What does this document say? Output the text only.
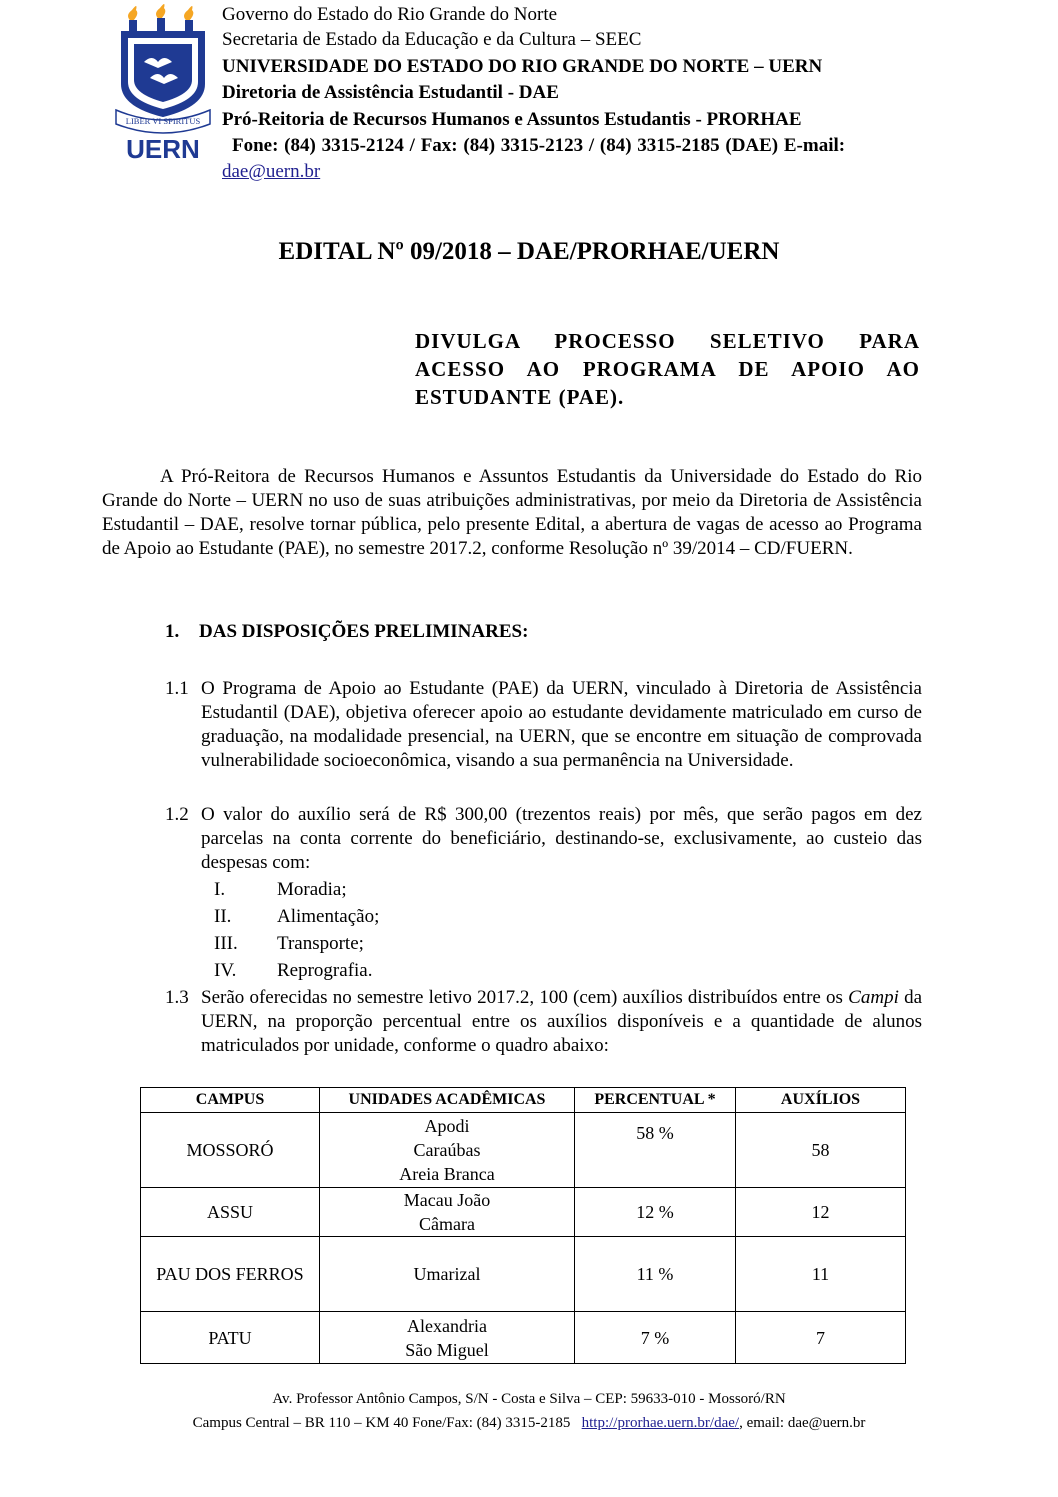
LIBER VI SPIRITUS
UERN
Governo do Estado do Rio Grande do Norte
Secretaria de Estado da Educação e da Cultura – SEEC
UNIVERSIDADE DO ESTADO DO RIO GRANDE DO NORTE – UERN
Diretoria de Assistência Estudantil - DAE
Pró-Reitoria de Recursos Humanos e Assuntos Estudantis - PRORHAE
Fone: (84) 3315-2124 / Fax: (84) 3315-2123 / (84) 3315-2185 (DAE) E-mail:
dae@uern.br
EDITAL Nº 09/2018 – DAE/PRORHAE/UERN
DIVULGA PROCESSO SELETIVO PARA
ACESSO AO PROGRAMA DE APOIO AO
ESTUDANTE (PAE).
A Pró-Reitora de Recursos Humanos e Assuntos Estudantis da Universidade do Estado do Rio Grande do Norte – UERN no uso de suas atribuições administrativas, por meio da Diretoria de Assistência Estudantil – DAE, resolve tornar pública, pelo presente Edital, a abertura de vagas de acesso ao Programa de Apoio ao Estudante (PAE), no semestre 2017.2, conforme Resolução nº 39/2014 – CD/FUERN.
1. DAS DISPOSIÇÕES PRELIMINARES:
1.1 O Programa de Apoio ao Estudante (PAE) da UERN, vinculado à Diretoria de Assistência Estudantil (DAE), objetiva oferecer apoio ao estudante devidamente matriculado em curso de graduação, na modalidade presencial, na UERN, que se encontre em situação de comprovada vulnerabilidade socioeconômica, visando a sua permanência na Universidade.
1.2 O valor do auxílio será de R$ 300,00 (trezentos reais) por mês, que serão pagos em dez parcelas na conta corrente do beneficiário, destinando-se, exclusivamente, ao custeio das despesas com:
I.	Moradia;
II. Alimentação;
III. Transporte;
IV. Reprografia.
1.3 Serão oferecidas no semestre letivo 2017.2, 100 (cem) auxílios distribuídos entre os Campi da UERN, na proporção percentual entre os auxílios disponíveis e a quantidade de alunos matriculados por unidade, conforme o quadro abaixo:
CAMPUS	UNIDADES ACADÊMICAS	PERCENTUAL *	AUXÍLIOS
MOSSORÓ	Apodi
Caraúbas
Areia Branca	58 %	58
ASSU	Macau João
Câmara	12 %	12
PAU DOS FERROS	Umarizal	11 %	11
PATU	Alexandria
São Miguel	7 %	7
Av. Professor Antônio Campos, S/N - Costa e Silva – CEP: 59633-010 - Mossoró/RN
Campus Central – BR 110 – KM 40 Fone/Fax: (84) 3315-2185   http://prorhae.uern.br/dae/, email: dae@uern.br
